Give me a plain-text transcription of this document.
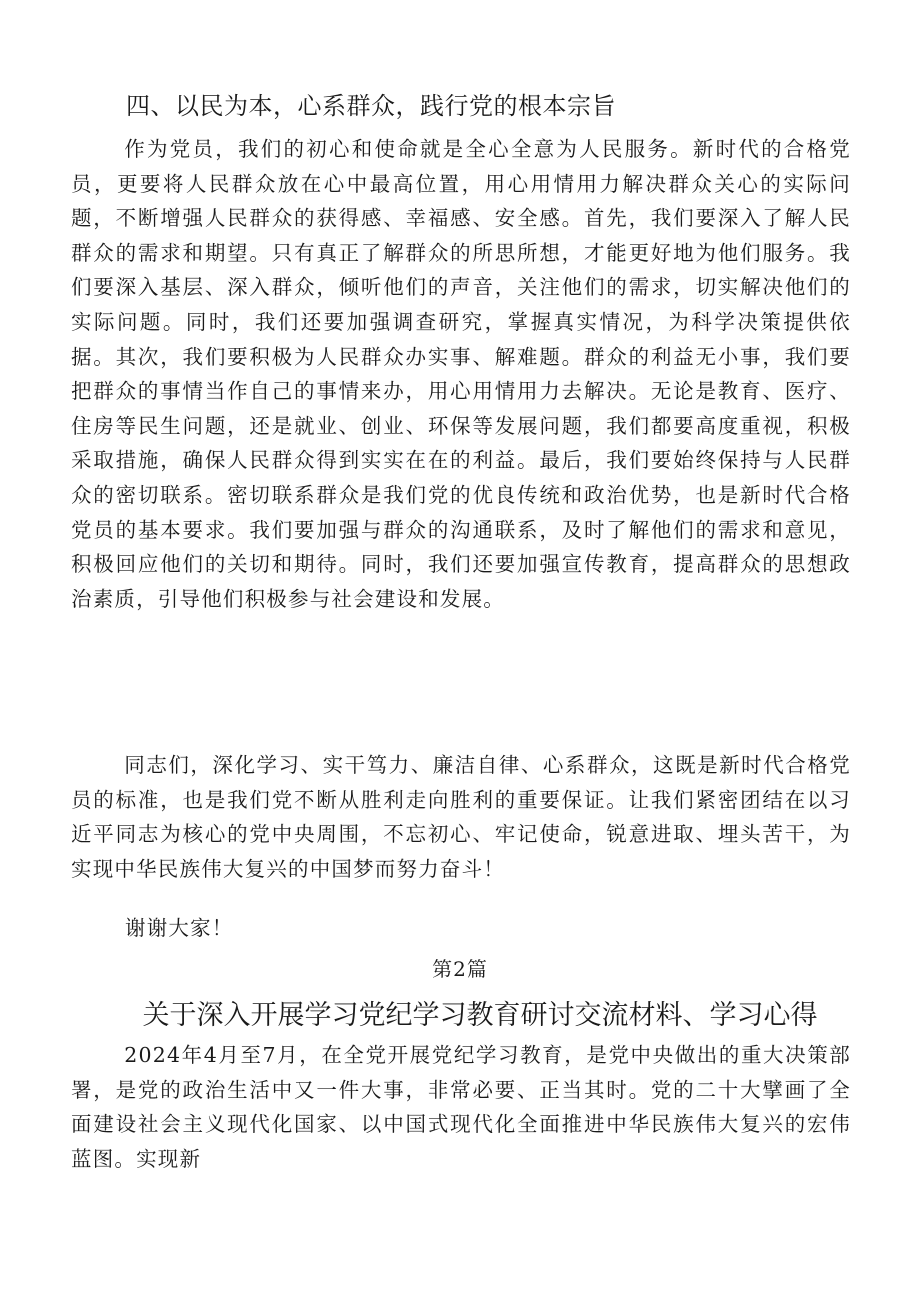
四、以民为本，心系群众，践行党的根本宗旨

作为党员，我们的初心和使命就是全心全意为人民服务。新时代的合格党员，更要将人民群众放在心中最高位置，用心用情用力解决群众关心的实际问题，不断增强人民群众的获得感、幸福感、安全感。首先，我们要深入了解人民群众的需求和期望。只有真正了解群众的所思所想，才能更好地为他们服务。我们要深入基层、深入群众，倾听他们的声音，关注他们的需求，切实解决他们的实际问题。同时，我们还要加强调查研究，掌握真实情况，为科学决策提供依据。其次，我们要积极为人民群众办实事、解难题。群众的利益无小事，我们要把群众的事情当作自己的事情来办，用心用情用力去解决。无论是教育、医疗、住房等民生问题，还是就业、创业、环保等发展问题，我们都要高度重视，积极采取措施，确保人民群众得到实实在在的利益。最后，我们要始终保持与人民群众的密切联系。密切联系群众是我们党的优良传统和政治优势，也是新时代合格党员的基本要求。我们要加强与群众的沟通联系，及时了解他们的需求和意见，积极回应他们的关切和期待。同时，我们还要加强宣传教育，提高群众的思想政治素质，引导他们积极参与社会建设和发展。

同志们，深化学习、实干笃力、廉洁自律、心系群众，这既是新时代合格党员的标准，也是我们党不断从胜利走向胜利的重要保证。让我们紧密团结在以习近平同志为核心的党中央周围，不忘初心、牢记使命，锐意进取、埋头苦干，为实现中华民族伟大复兴的中国梦而努力奋斗！

谢谢大家！
第2篇
关于深入开展学习党纪学习教育研讨交流材料、学习心得

2024年4月至7月，在全党开展党纪学习教育，是党中央做出的重大决策部署，是党的政治生活中又一件大事，非常必要、正当其时。党的二十大擘画了全面建设社会主义现代化国家、以中国式现代化全面推进中华民族伟大复兴的宏伟蓝图。实现新
